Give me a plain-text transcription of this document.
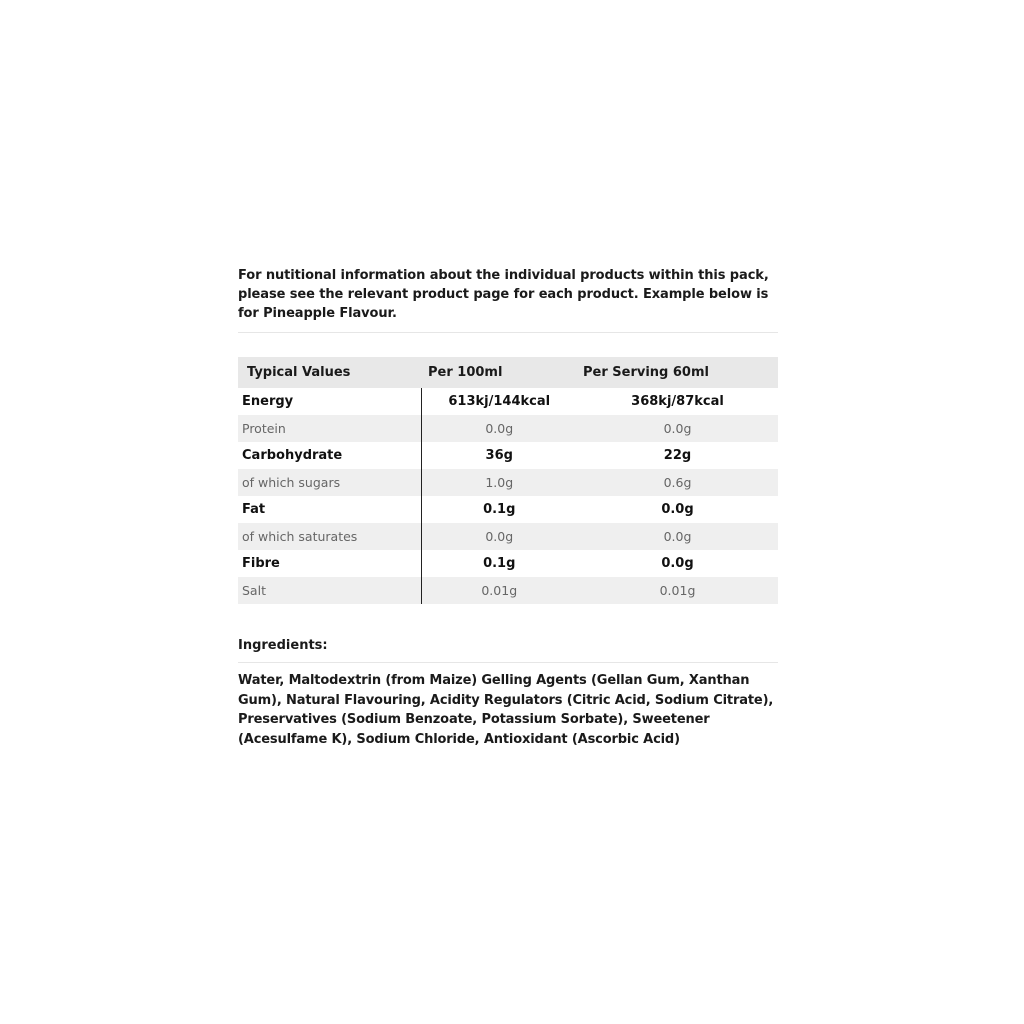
For nutitional information about the individual products within this pack, please see the relevant product page for each product. Example below is for Pineapple Flavour.

Typical Values	Per 100ml	Per Serving 60ml
Energy	613kj/144kcal	368kj/87kcal
Protein	0.0g	0.0g
Carbohydrate	36g	22g
of which sugars	1.0g	0.6g
Fat	0.1g	0.0g
of which saturates	0.0g	0.0g
Fibre	0.1g	0.0g
Salt	0.01g	0.01g
Ingredients:

Water, Maltodextrin (from Maize) Gelling Agents (Gellan Gum, Xanthan Gum), Natural Flavouring, Acidity Regulators (Citric Acid, Sodium Citrate), Preservatives (Sodium Benzoate, Potassium Sorbate), Sweetener (Acesulfame K), Sodium Chloride, Antioxidant (Ascorbic Acid)
